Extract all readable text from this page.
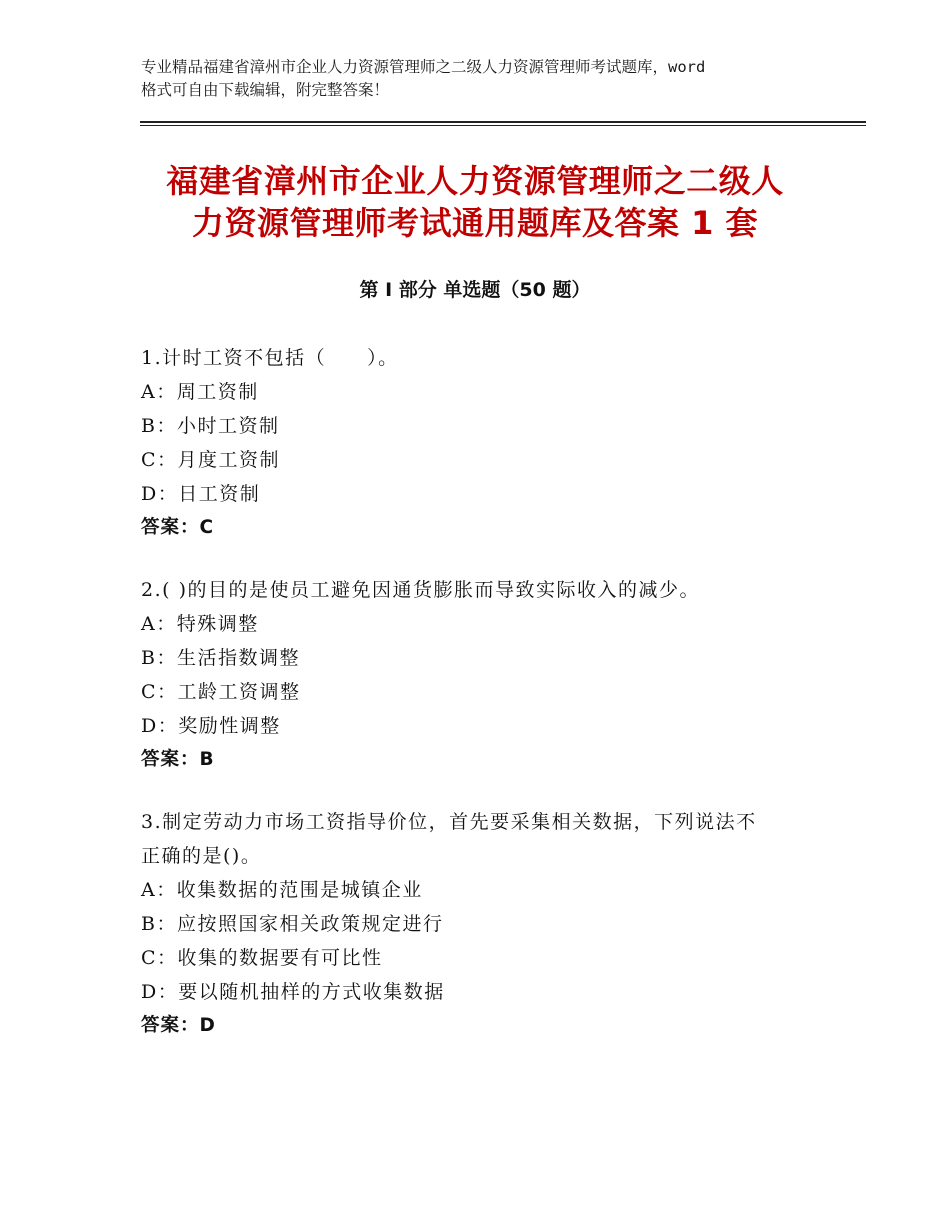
专业精品福建省漳州市企业人力资源管理师之二级人力资源管理师考试题库，word
格式可自由下载编辑，附完整答案！
福建省漳州市企业人力资源管理师之二级人
力资源管理师考试通用题库及答案 1 套
第 I 部分 单选题（50 题）
1.计时工资不包括（　　）。
A：周工资制
B：小时工资制
C：月度工资制
D：日工资制
答案：C
2.( )的目的是使员工避免因通货膨胀而导致实际收入的减少。
A：特殊调整
B：生活指数调整
C：工龄工资调整
D：奖励性调整
答案：B
3.制定劳动力市场工资指导价位，首先要采集相关数据，下列说法不
正确的是()。
A：收集数据的范围是城镇企业
B：应按照国家相关政策规定进行
C：收集的数据要有可比性
D：要以随机抽样的方式收集数据
答案：D
